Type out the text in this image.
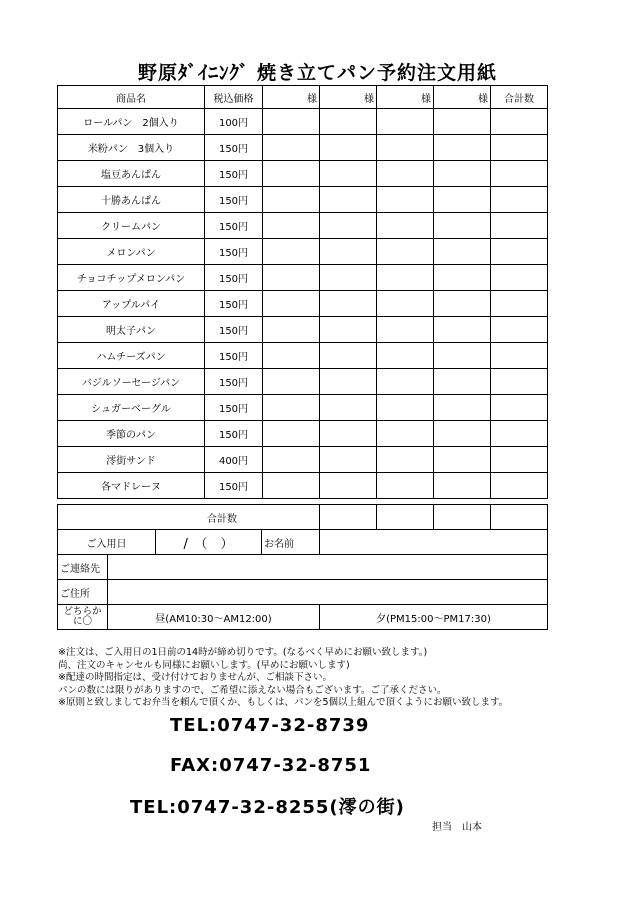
野原ﾀﾞｲﾆﾝｸﾞ 焼き立てパン予約注文用紙
商品名	税込価格	様	様	様	様	合計数
ロールパン　2個入り	100円					
米粉パン　3個入り	150円					
塩豆あんぱん	150円					
十勝あんぱん	150円					
クリームパン	150円					
メロンパン	150円					
チョコチップメロンパン	150円					
アップルパイ	150円					
明太子パン	150円					
ハムチーズパン	150円					
バジルソーセージパン	150円					
シュガーベーグル	150円					
季節のパン	150円					
澪街サンド	400円					
各マドレーヌ	150円					
合計数							
ご入用日		/　（　）	お名前				
ご連絡先							
ご住所							

どちらか
に〇	昼(AM10:30～AM12:00)			夕(PM15:00～PM17:30)			
※注文は、ご入用日の1日前の14時が締め切りです。(なるべく早めにお願い致します。)
尚、注文のキャンセルも同様にお願いします。(早めにお願いします)
※配達の時間指定は、受け付けておりませんが、ご相談下さい。
パンの数には限りがありますので、ご希望に添えない場合もございます。ご了承ください。
※原則と致しましてお弁当を頼んで頂くか、もしくは、パンを5個以上組んで頂くようにお願い致します。
TEL:0747-32-8739
FAX:0747-32-8751
TEL:0747-32-8255(澪の街)
担当　山本
